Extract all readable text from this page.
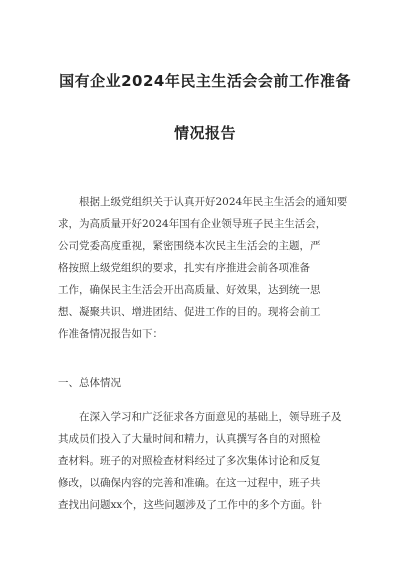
国有企业2024年民主生活会会前工作准备
情况报告
　　根据上级党组织关于认真开好2024年民主生活会的通知要
求，为高质量开好2024年国有企业领导班子民主生活会，
公司党委高度重视，紧密围绕本次民主生活会的主题，严
格按照上级党组织的要求，扎实有序推进会前各项准备
工作，确保民主生活会开出高质量、好效果，达到统一思
想、凝聚共识、增进团结、促进工作的目的。现将会前工
作准备情况报告如下：
一、总体情况
　　在深入学习和广泛征求各方面意见的基础上，领导班子及
其成员们投入了大量时间和精力，认真撰写各自的对照检
查材料。班子的对照检查材料经过了多次集体讨论和反复
修改，以确保内容的完善和准确。在这一过程中，班子共
查找出问题xx个，这些问题涉及了工作中的多个方面。针
